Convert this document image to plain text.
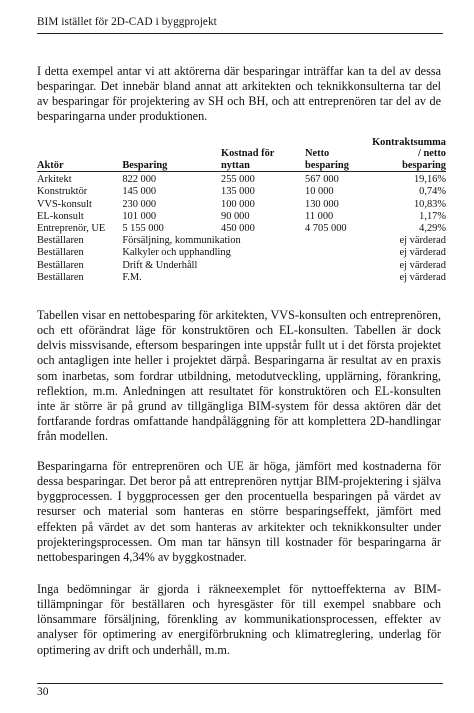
BIM istället för 2D-CAD i byggprojekt

I detta exempel antar vi att aktörerna där besparingar inträffar kan ta del av dessa besparingar. Det innebär bland annat att arkitekten och teknikkonsulterna tar del av besparingar för projektering av SH och BH, och att entreprenören tar del av de besparingarna under produktionen.

Aktör	Besparing	Kostnad för nyttan	Netto besparing	Kontraktsumma / netto besparing
Arkitekt	822 000	255 000	567 000	19,16%
Konstruktör	145 000	135 000	10 000	0,74%
VVS-konsult	230 000	100 000	130 000	10,83%
EL-konsult	101 000	90 000	11 000	1,17%
Entreprenör, UE	5 155 000	450 000	4 705 000	4,29%
Beställaren	Försäljning, kommunikation			ej värderad
Beställaren	Kalkyler och upphandling			ej värderad
Beställaren	Drift & Underhåll			ej värderad
Beställaren	F.M.			ej värderad

Tabellen visar en nettobesparing för arkitekten, VVS-konsulten och entreprenören, och ett oförändrat läge för konstruktören och EL-konsulten. Tabellen är dock delvis missvisande, eftersom besparingen inte uppstår fullt ut i det första projektet och antagligen inte heller i projektet därpå. Besparingarna är resultat av en praxis som inarbetas, som fordrar utbildning, metodutveckling, upplärning, förankring, reflektion, m.m. Anledningen att resultatet för konstruktören och EL-konsulten inte är större är på grund av tillgängliga BIM-system för dessa aktören där det fortfarande fordras omfattande handpåläggning för att komplettera 2D-handlingar från modellen.

Besparingarna för entreprenören och UE är höga, jämfört med kostnaderna för dessa besparingar. Det beror på att entreprenören nyttjar BIM-projektering i själva byggprocessen. I byggprocessen ger den procentuella besparingen på värdet av resurser och material som hanteras en större besparingseffekt, jämfört med effekten på värdet av det som hanteras av arkitekter och teknikkonsulter under projekteringsprocessen. Om man tar hänsyn till kostnader för besparingarna är nettobesparingen 4,34% av byggkostnader.

Inga bedömningar är gjorda i räkneexemplet för nyttoeffekterna av BIM-tillämpningar för beställaren och hyresgäster för till exempel snabbare och lönsammare försäljning, förenkling av kommunikationsprocessen, effekter av analyser för optimering av energiförbrukning och klimatreglering, underlag för optimering av drift och underhåll, m.m.

30
